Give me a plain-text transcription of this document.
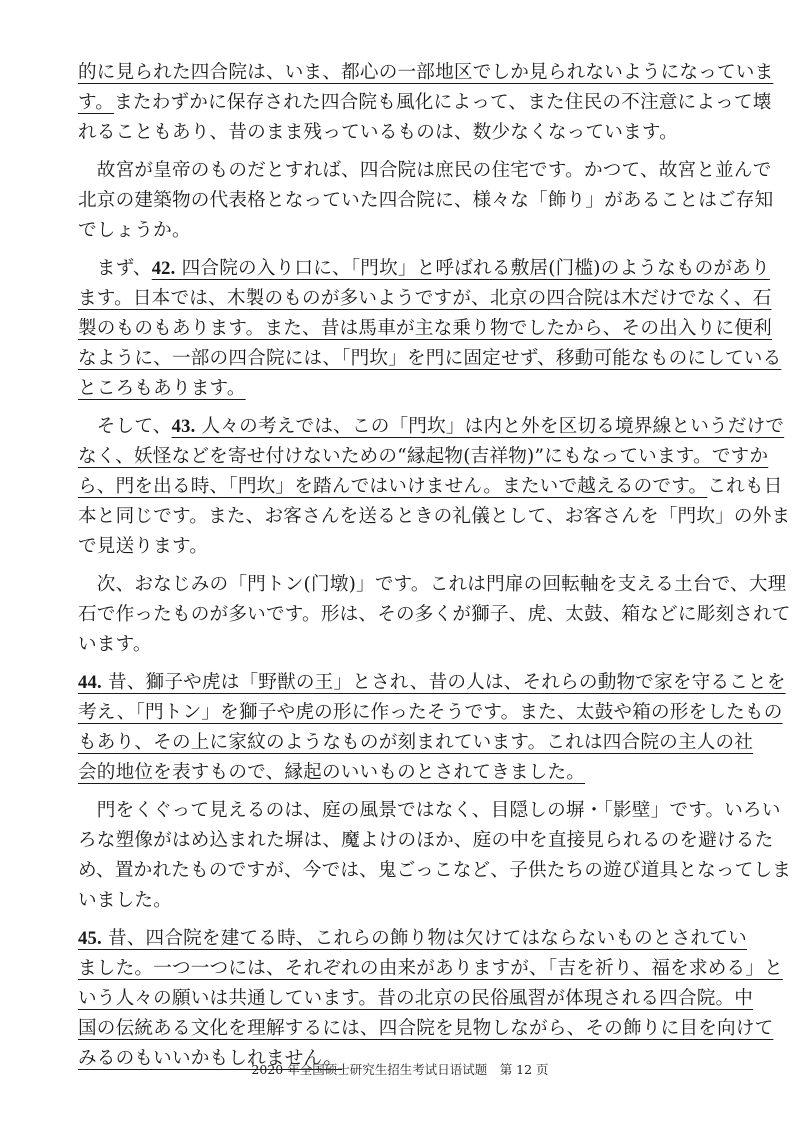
的に見られた四合院は、いま、都心の一部地区でしか見られないようになっていま
す。またわずかに保存された四合院も風化によって、また住民の不注意によって壊
れることもあり、昔のまま残っているものは、数少なくなっています。
　故宮が皇帝のものだとすれば、四合院は庶民の住宅です。かつて、故宮と並んで
北京の建築物の代表格となっていた四合院に、様々な「飾り」があることはご存知
でしょうか。
　まず、42. 四合院の入り口に、「門坎」と呼ばれる敷居(门槛)のようなものがあり
ます。日本では、木製のものが多いようですが、北京の四合院は木だけでなく、石
製のものもあります。また、昔は馬車が主な乗り物でしたから、その出入りに便利
なように、一部の四合院には、「門坎」を門に固定せず、移動可能なものにしている
ところもあります。
　そして、43. 人々の考えでは、この「門坎」は内と外を区切る境界線というだけで
なく、妖怪などを寄せ付けないための“縁起物(吉祥物)”にもなっています。ですか
ら、門を出る時、「門坎」を踏んではいけません。またいで越えるのです。これも日
本と同じです。また、お客さんを送るときの礼儀として、お客さんを「門坎」の外ま
で見送ります。
　次、おなじみの「門トン(门墩)」です。これは門扉の回転軸を支える土台で、大理
石で作ったものが多いです。形は、その多くが獅子、虎、太鼓、箱などに彫刻されて
います。
44. 昔、獅子や虎は「野獣の王」とされ、昔の人は、それらの動物で家を守ることを
考え、「門トン」を獅子や虎の形に作ったそうです。また、太鼓や箱の形をしたもの
もあり、その上に家紋のようなものが刻まれています。これは四合院の主人の社
会的地位を表すもので、縁起のいいものとされてきました。
　門をくぐって見えるのは、庭の風景ではなく、目隠しの塀・「影壁」です。いろい
ろな塑像がはめ込まれた塀は、魔よけのほか、庭の中を直接見られるのを避けるた
め、置かれたものですが、今では、鬼ごっこなど、子供たちの遊び道具となってしま
いました。
45. 昔、四合院を建てる時、これらの飾り物は欠けてはならないものとされてい
ました。一つ一つには、それぞれの由来がありますが、「吉を祈り、福を求める」と
いう人々の願いは共通しています。昔の北京の民俗風習が体現される四合院。中
国の伝統ある文化を理解するには、四合院を見物しながら、その飾りに目を向けて
みるのもいいかもしれません。
2020 年全国硕士研究生招生考试日语试题　第 12 页
